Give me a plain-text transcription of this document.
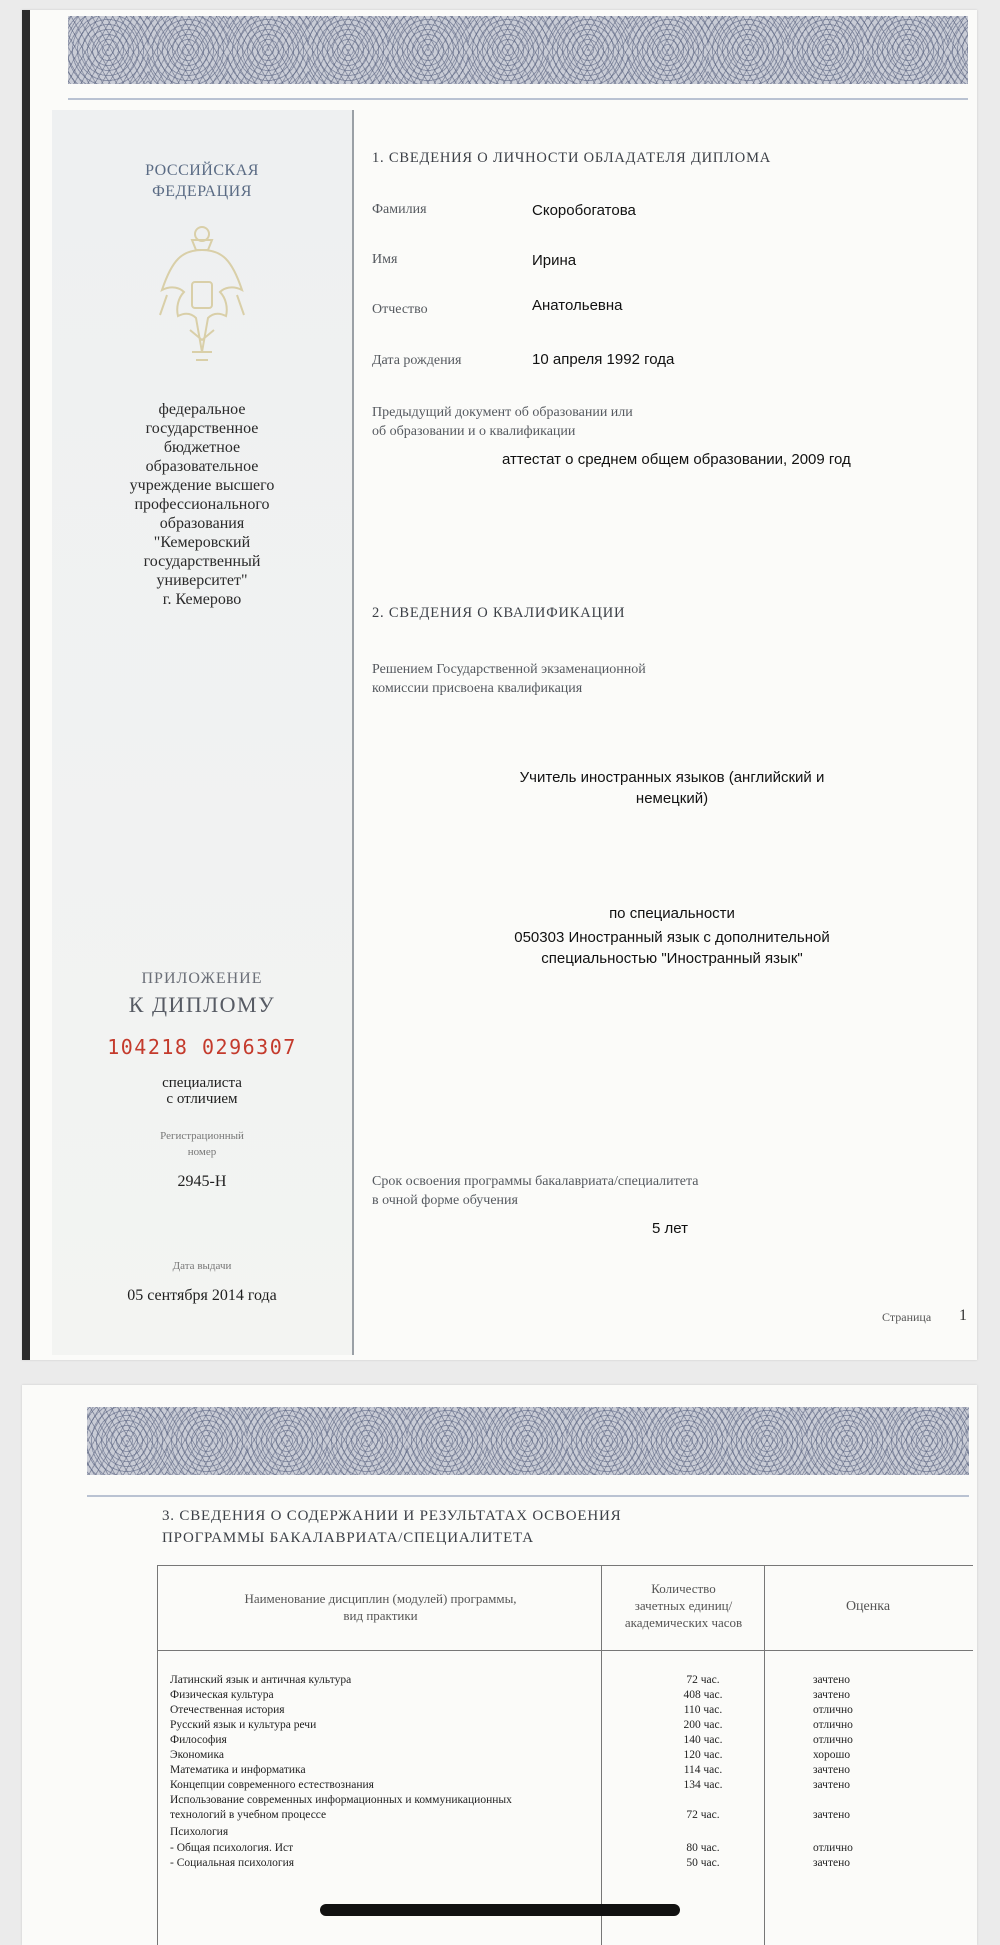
РОССИЙСКАЯ
ФЕДЕРАЦИЯ
федеральное
государственное
бюджетное
образовательное
учреждение высшего
профессионального
образования
"Кемеровский
государственный
университет"
г. Кемерово
ПРИЛОЖЕНИЕ
К ДИПЛОМУ
104218 0296307
специалиста
с отличием
Регистрационный
номер
2945-Н
Дата выдачи
05 сентября 2014 года
1. СВЕДЕНИЯ О ЛИЧНОСТИ ОБЛАДАТЕЛЯ ДИПЛОМА
Фамилия	Скоробогатова
Имя	Ирина
Отчество	Анатольевна
Дата рождения	10 апреля 1992 года
Предыдущий документ об образовании или
об образовании и о квалификации
аттестат о среднем общем образовании, 2009 год
2. СВЕДЕНИЯ О КВАЛИФИКАЦИИ
Решением Государственной экзаменационной
комиссии присвоена квалификация
Учитель иностранных языков (английский и
немецкий)
по специальности
050303 Иностранный язык с дополнительной
специальностью "Иностранный язык"
Срок освоения программы бакалавриата/специалитета
в очной форме обучения
5 лет
Страница 1
3. СВЕДЕНИЯ О СОДЕРЖАНИИ И РЕЗУЛЬТАТАХ ОСВОЕНИЯ
ПРОГРАММЫ БАКАЛАВРИАТА/СПЕЦИАЛИТЕТА
Наименование дисциплин (модулей) программы,
вид практики
Количество
зачетных единиц/
академических часов
Оценка
Латинский язык и античная культура	72 час.	зачтено
Физическая культура	408 час.	зачтено
Отечественная история	110 час.	отлично
Русский язык и культура речи	200 час.	отлично
Философия	140 час.	отлично
Экономика	120 час.	хорошо
Математика и информатика	114 час.	зачтено
Концепции современного естествознания	134 час.	зачтено
Использование современных информационных и коммуникационных
технологий в учебном процессе	72 час.	зачтено
Психология
- Общая психология. Ист	80 час.	отлично
- Социальная психология	50 час.	зачтено
